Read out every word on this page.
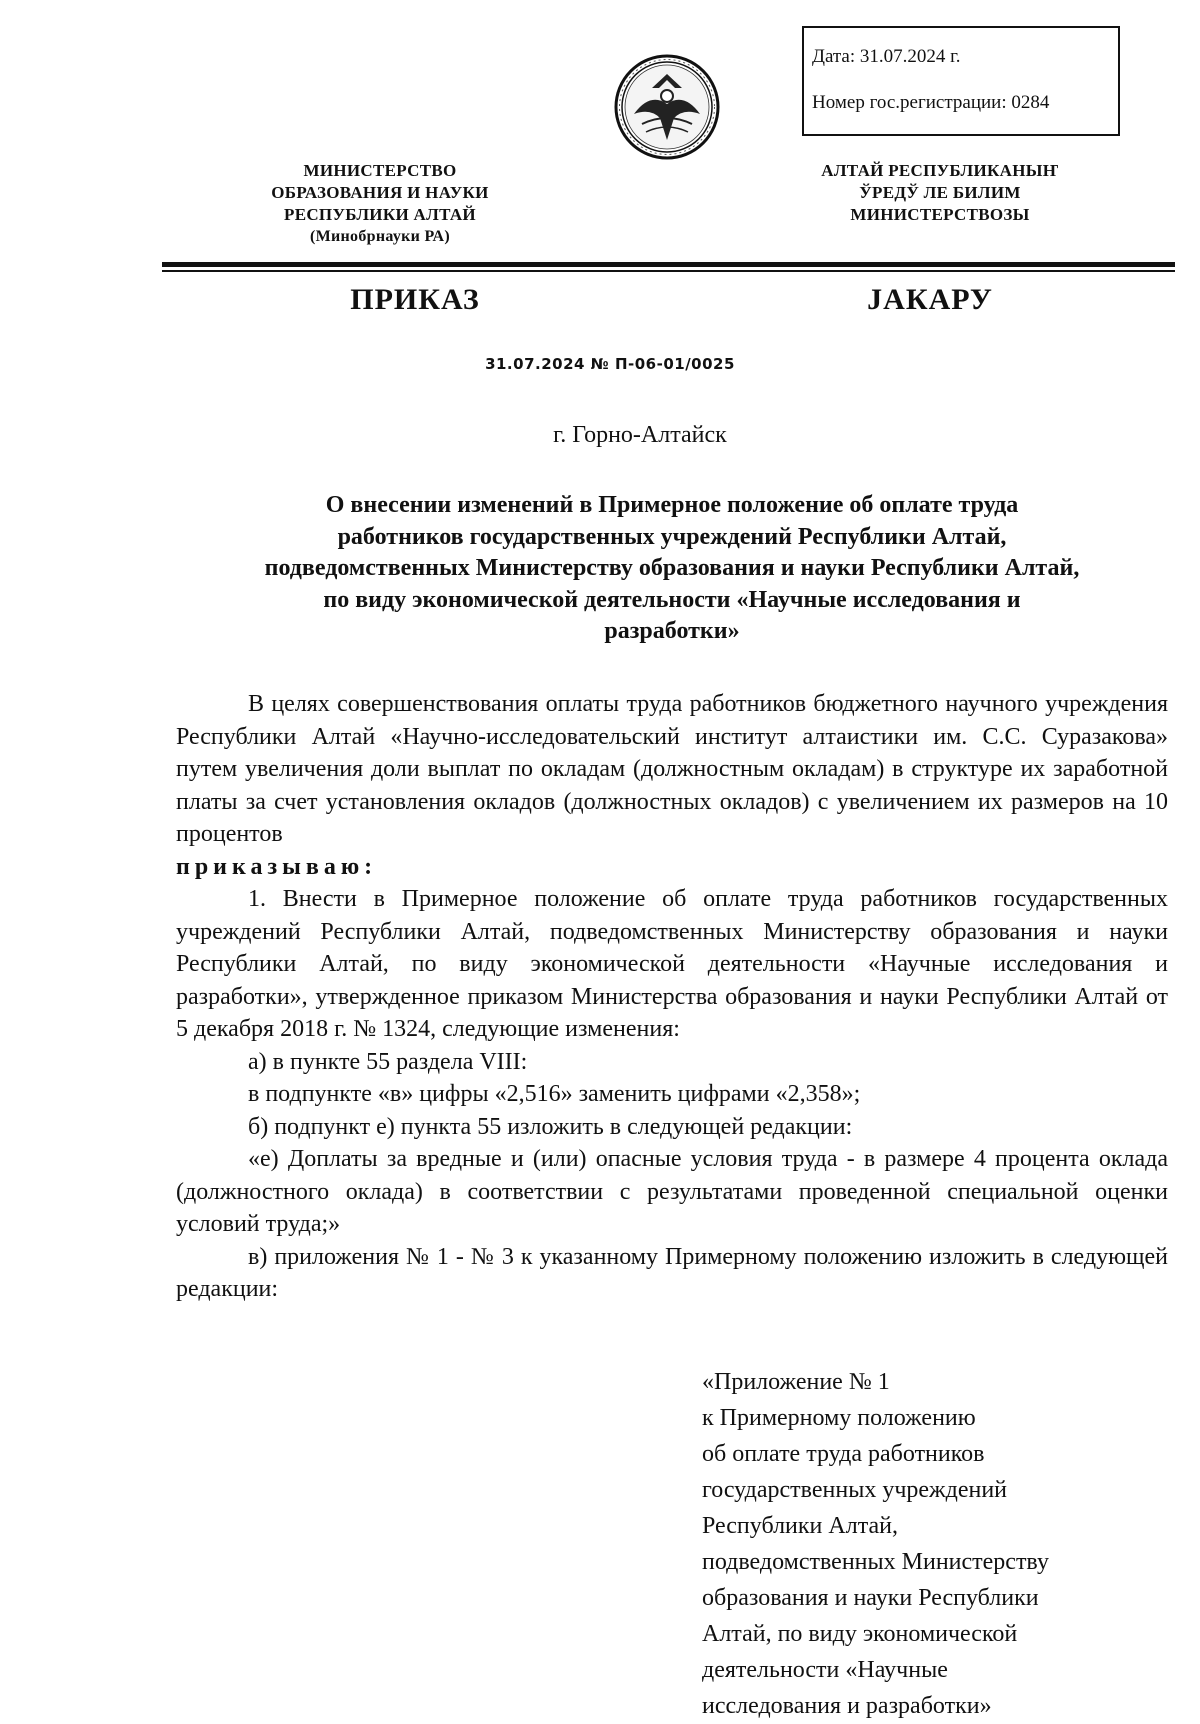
Дата: 31.07.2024 г.
Номер гос.регистрации: 0284
МИНИСТЕРСТВО
ОБРАЗОВАНИЯ И НАУКИ
РЕСПУБЛИКИ АЛТАЙ
(Минобрнауки РА)
АЛТАЙ РЕСПУБЛИКАНЫҤ
ЎРЕДЎ ЛЕ БИЛИМ
МИНИСТЕРСТВОЗЫ
ПРИКАЗ	JАКАРУ
31.07.2024 № П-06-01/0025
г. Горно-Алтайск
О внесении изменений в Примерное положение об оплате труда
работников государственных учреждений Республики Алтай,
подведомственных Министерству образования и науки Республики Алтай,
по виду экономической деятельности «Научные исследования и
разработки»

В целях совершенствования оплаты труда работников бюджетного научного учреждения Республики Алтай «Научно-исследовательский институт алтаистики им. С.С. Суразакова» путем увеличения доли выплат по окладам (должностным окладам) в структуре их заработной платы за счет установления окладов (должностных окладов) с увеличением их размеров на 10 процентов

приказываю:

1. Внести в Примерное положение об оплате труда работников государственных учреждений Республики Алтай, подведомственных Министерству образования и науки Республики Алтай, по виду экономической деятельности «Научные исследования и разработки», утвержденное приказом Министерства образования и науки Республики Алтай от 5 декабря 2018 г. № 1324, следующие изменения:

а) в пункте 55 раздела VIII:

в подпункте «в» цифры «2,516» заменить цифрами «2,358»;

б) подпункт е) пункта 55 изложить в следующей редакции:

«е) Доплаты за вредные и (или) опасные условия труда - в размере 4 процента оклада (должностного оклада) в соответствии с результатами проведенной специальной оценки условий труда;»

в) приложения № 1 - № 3 к указанному Примерному положению изложить в следующей редакции:

«Приложение № 1
к Примерному положению
об оплате труда работников
государственных учреждений
Республики Алтай,
подведомственных Министерству
образования и науки Республики
Алтай, по виду экономической
деятельности «Научные
исследования и разработки»
